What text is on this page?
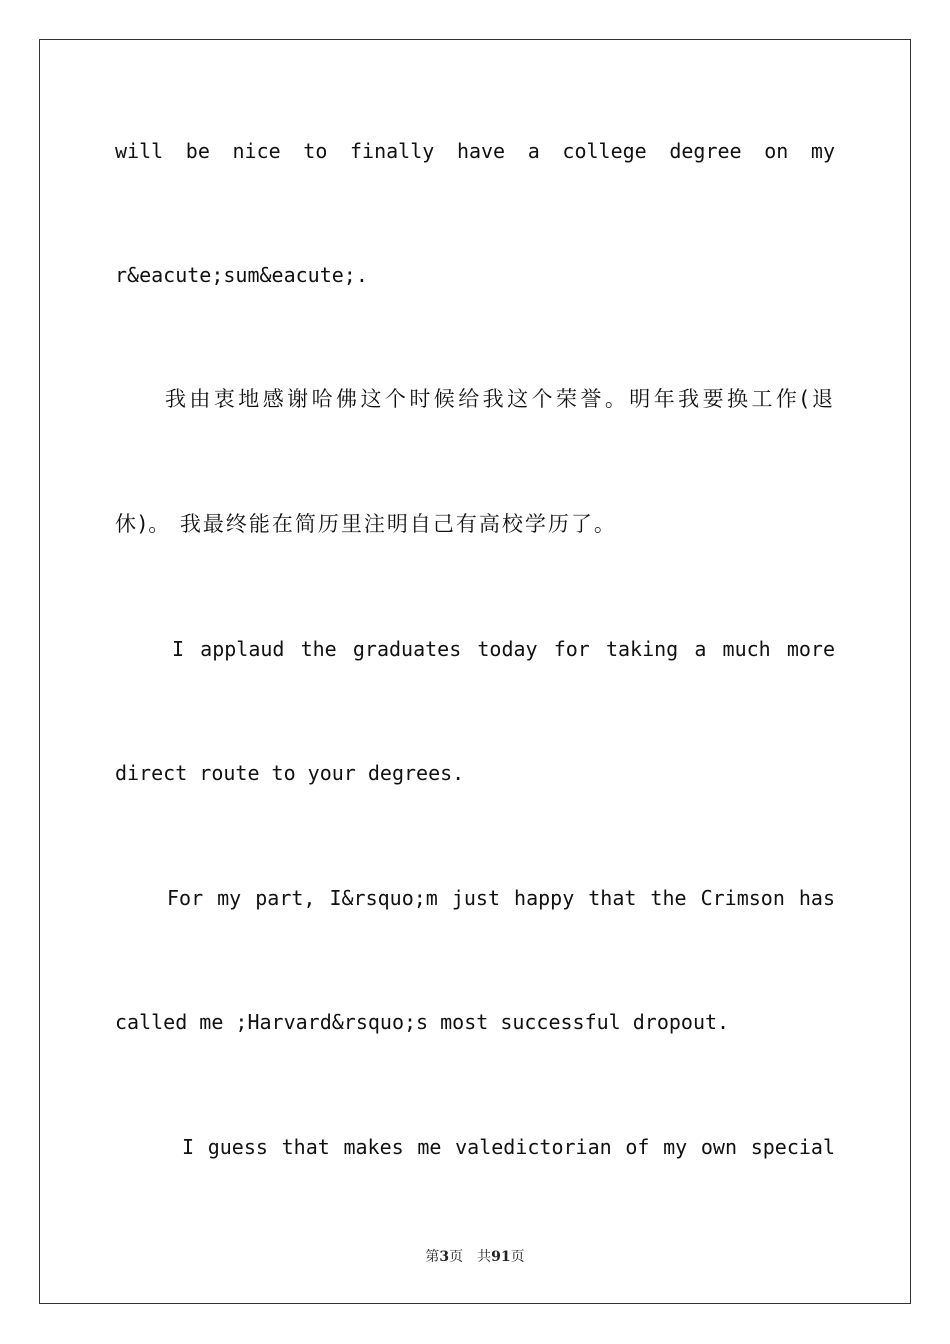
will be nice to finally have a college degree on my
r&eacute;sum&eacute;.
我由衷地感谢哈佛这个时候给我这个荣誉。明年我要换工作(退
休)。 我最终能在简历里注明自己有高校学历了。
I applaud the graduates today for taking a much more
direct route to your degrees.
For my part, I&rsquo;m just happy that the Crimson has
called me ;Harvard&rsquo;s most successful dropout.
I guess that makes me valedictorian of my own special
第3页 共91页
